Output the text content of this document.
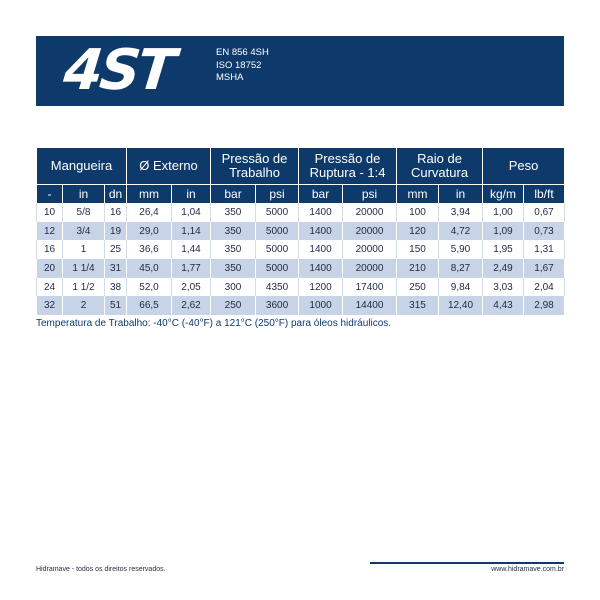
4ST	EN 856 4SH
ISO 18752
MSHA
Mangueira			Ø Externo		Pressão de Trabalho		Pressão de Ruptura - 1:4		Raio de Curvatura		Peso	
-	in	dn	mm	in	bar	psi	bar	psi	mm	in	kg/m	lb/ft
10	5/8	16	26,4	1,04	350	5000	1400	20000	100	3,94	1,00	0,67
12	3/4	19	29,0	1,14	350	5000	1400	20000	120	4,72	1,09	0,73
16	1	25	36,6	1,44	350	5000	1400	20000	150	5,90	1,95	1,31
20	1 1/4	31	45,0	1,77	350	5000	1400	20000	210	8,27	2,49	1,67
24	1 1/2	38	52,0	2,05	300	4350	1200	17400	250	9,84	3,03	2,04
32	2	51	66,5	2,62	250	3600	1000	14400	315	12,40	4,43	2,98
Temperatura de Trabalho: -40°C (-40°F) a 121°C (250°F) para óleos hidráulicos.
Hidramave - todos os direitos reservados.	www.hidramave.com.br
